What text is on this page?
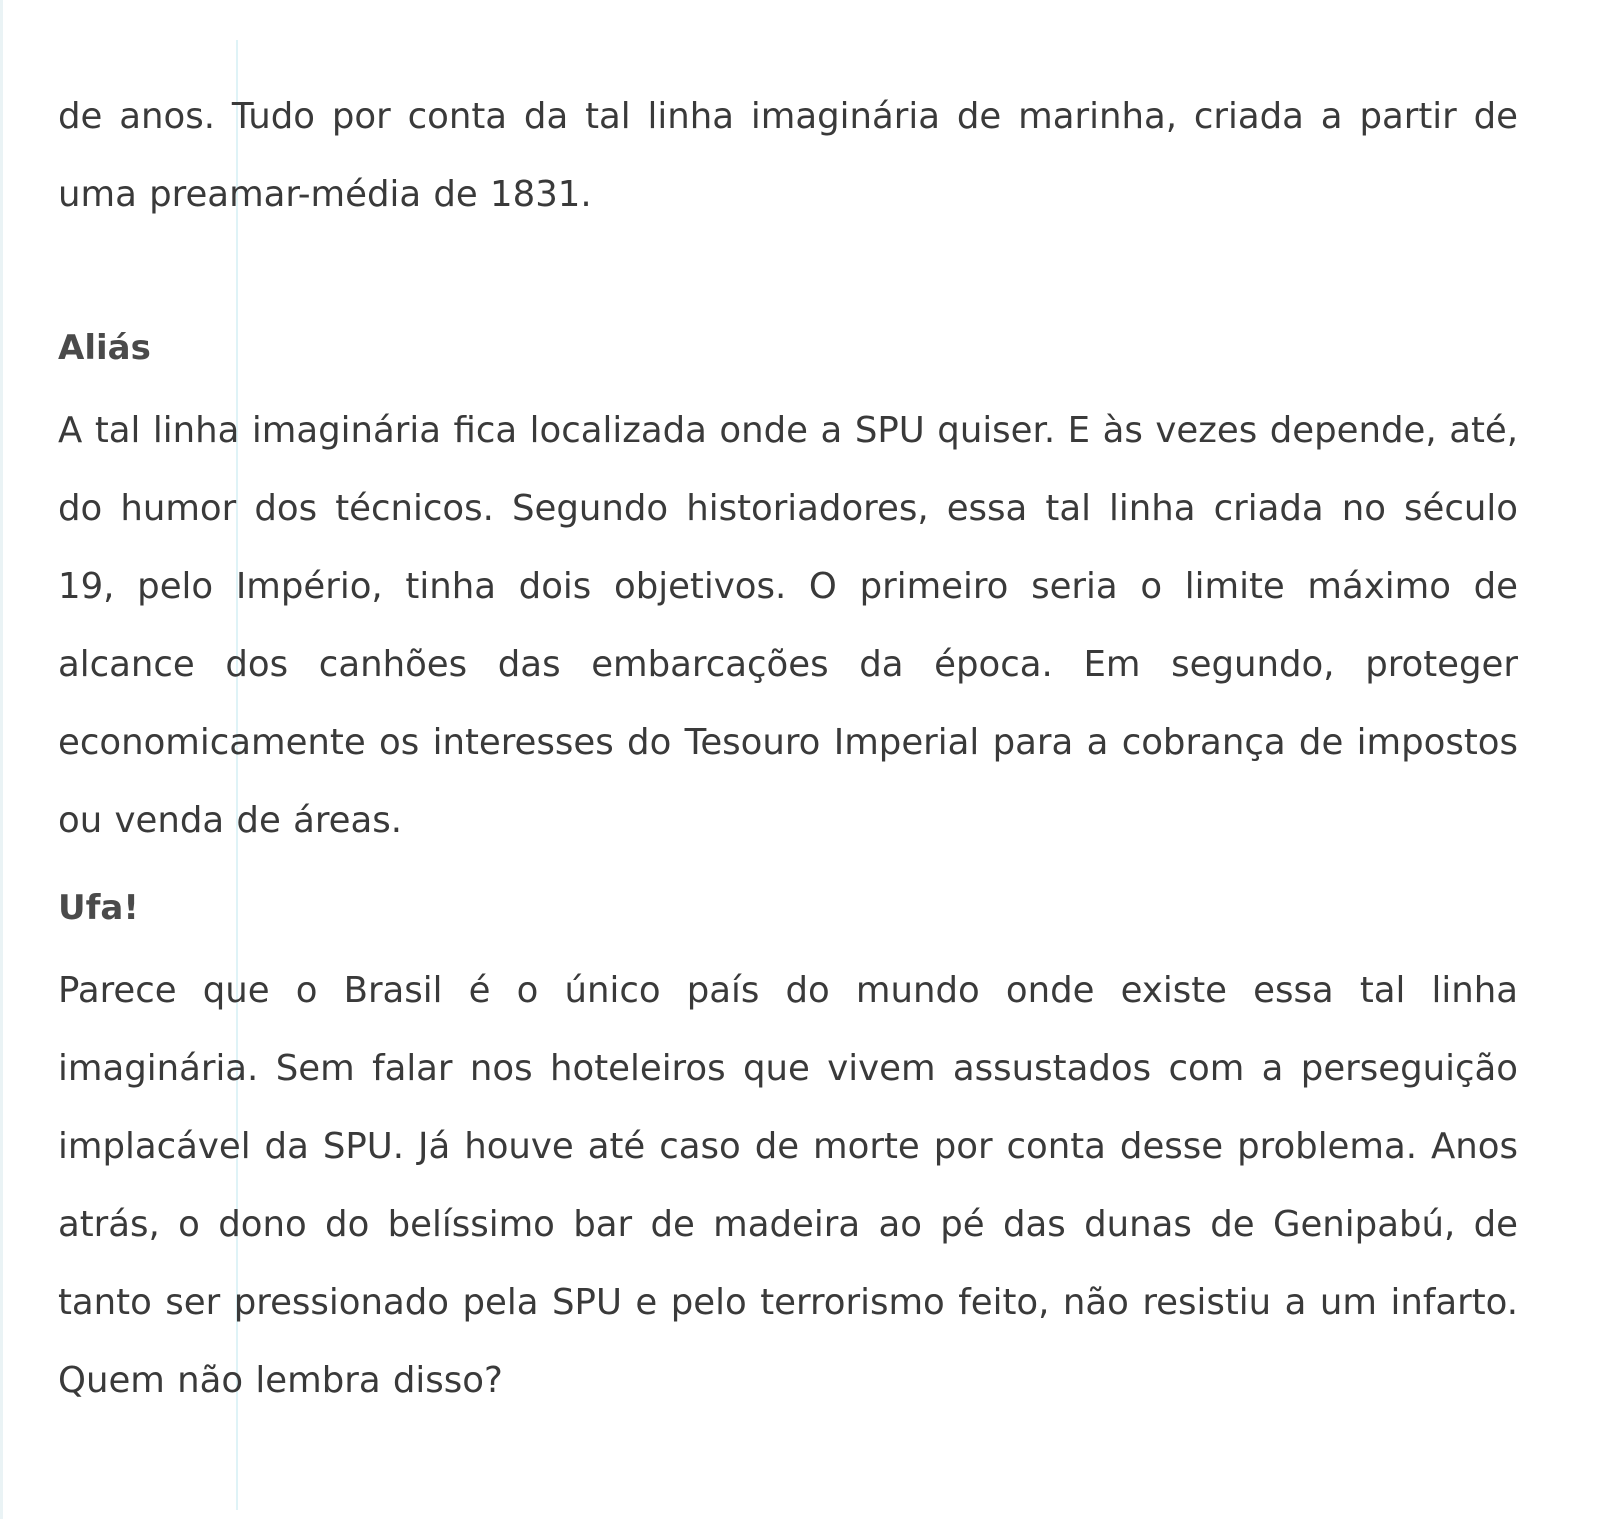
de anos. Tudo por conta da tal linha imaginária de marinha, criada a partir de uma preamar-média de 1831.

Aliás

A tal linha imaginária fica localizada onde a SPU quiser. E às vezes depende, até, do humor dos técnicos. Segundo historiadores, essa tal linha criada no século 19, pelo Império, tinha dois objetivos. O primeiro seria o limite máximo de alcance dos canhões das embarcações da época. Em segundo, proteger economicamente os interesses do Tesouro Imperial para a cobrança de impostos ou venda de áreas.

Ufa!

Parece que o Brasil é o único país do mundo onde existe essa tal linha imaginária. Sem falar nos hoteleiros que vivem assustados com a perseguição implacável da SPU. Já houve até caso de morte por conta desse problema. Anos atrás, o dono do belíssimo bar de madeira ao pé das dunas de Genipabú, de tanto ser pressionado pela SPU e pelo terrorismo feito, não resistiu a um infarto. Quem não lembra disso?
